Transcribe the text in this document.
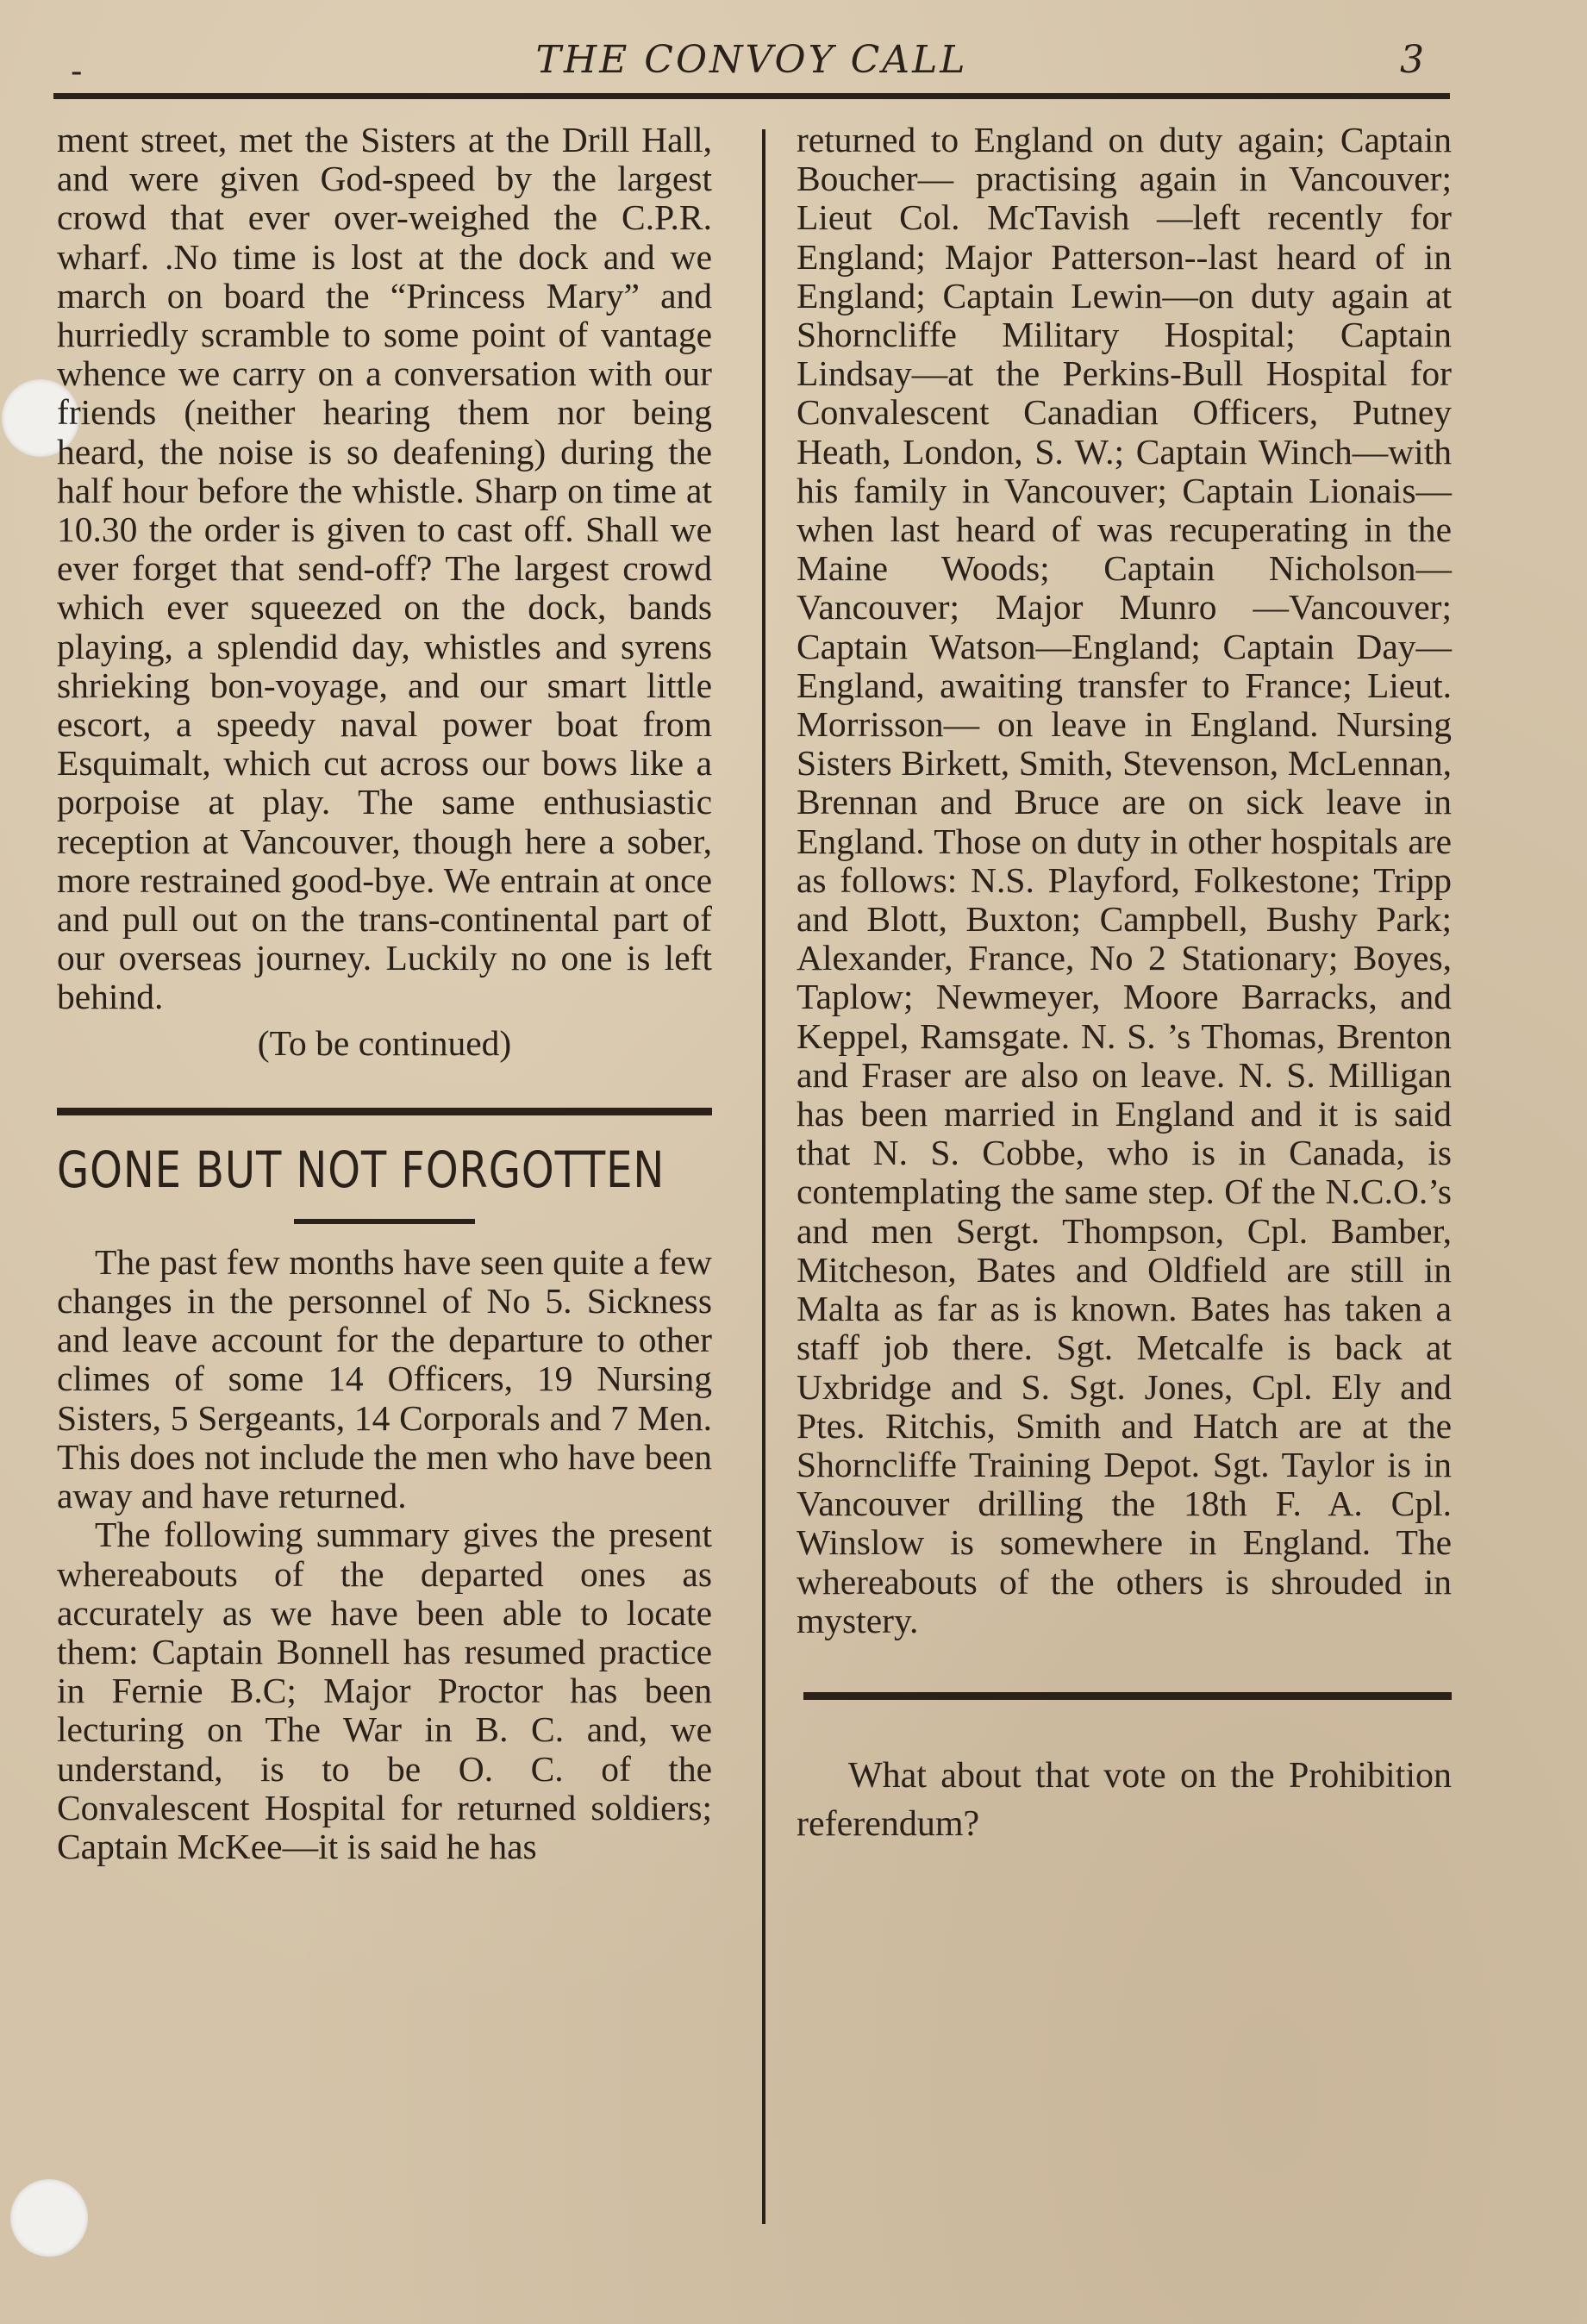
-	THE CONVOY CALL	3

ment street, met the Sisters at the Drill Hall, and were given God-speed by the largest crowd that ever over-weighed the C.P.R. wharf. .No time is lost at the dock and we march on board the “Princess Mary” and hurriedly scramble to some point of vantage whence we carry on a conversation with our friends (neither hearing them nor being heard, the noise is so deafening) during the half hour before the whistle. Sharp on time at 10.30 the order is given to cast off. Shall we ever forget that send-off? The largest crowd which ever squeezed on the dock, bands playing, a splendid day, whistles and syrens shrieking bon-voyage, and our smart little escort, a speedy naval power boat from Esquimalt, which cut across our bows like a porpoise at play. The same enthusiastic reception at Vancouver, though here a sober, more restrained good-bye. We entrain at once and pull out on the trans-continental part of our overseas journey. Luckily no one is left behind.

(To be continued)

GONE BUT NOT FORGOTTEN

The past few months have seen quite a few changes in the personnel of No 5. Sickness and leave account for the departure to other climes of some 14 Officers, 19 Nursing Sisters, 5 Sergeants, 14 Corporals and 7 Men. This does not include the men who have been away and have returned.

The following summary gives the present whereabouts of the departed ones as accurately as we have been able to locate them: Captain Bonnell has resumed practice in Fernie B.C; Major Proctor has been lecturing on The War in B. C. and, we understand, is to be O. C. of the Convalescent Hospital for returned soldiers; Captain McKee—it is said he has

returned to England on duty again; Captain Boucher— practising again in Vancouver; Lieut Col. McTavish —left recently for England; Major Patterson--last heard of in England; Captain Lewin—on duty again at Shorncliffe Military Hospital; Captain Lindsay—at the Perkins-Bull Hospital for Convalescent Canadian Officers, Putney Heath, London, S. W.; Captain Winch—with his family in Vancouver; Captain Lionais—when last heard of was recuperating in the Maine Woods; Captain Nicholson—Vancouver; Major Munro —Vancouver; Captain Watson—England; Captain Day— England, awaiting transfer to France; Lieut. Morrisson— on leave in England. Nursing Sisters Birkett, Smith, Stevenson, McLennan, Brennan and Bruce are on sick leave in England. Those on duty in other hospitals are as follows: N.S. Playford, Folkestone; Tripp and Blott, Buxton; Campbell, Bushy Park; Alexander, France, No 2 Stationary; Boyes, Taplow; Newmeyer, Moore Barracks, and Keppel, Ramsgate. N. S. ’s Thomas, Brenton and Fraser are also on leave. N. S. Milligan has been married in England and it is said that N. S. Cobbe, who is in Canada, is contemplating the same step. Of the N.C.O.’s and men Sergt. Thompson, Cpl. Bamber, Mitcheson, Bates and Oldfield are still in Malta as far as is known. Bates has taken a staff job there. Sgt. Metcalfe is back at Uxbridge and S. Sgt. Jones, Cpl. Ely and Ptes. Ritchis, Smith and Hatch are at the Shorncliffe Training Depot. Sgt. Taylor is in Vancouver drilling the 18th F. A. Cpl. Winslow is somewhere in England. The whereabouts of the others is shrouded in mystery.

What about that vote on the Prohibition referendum?
